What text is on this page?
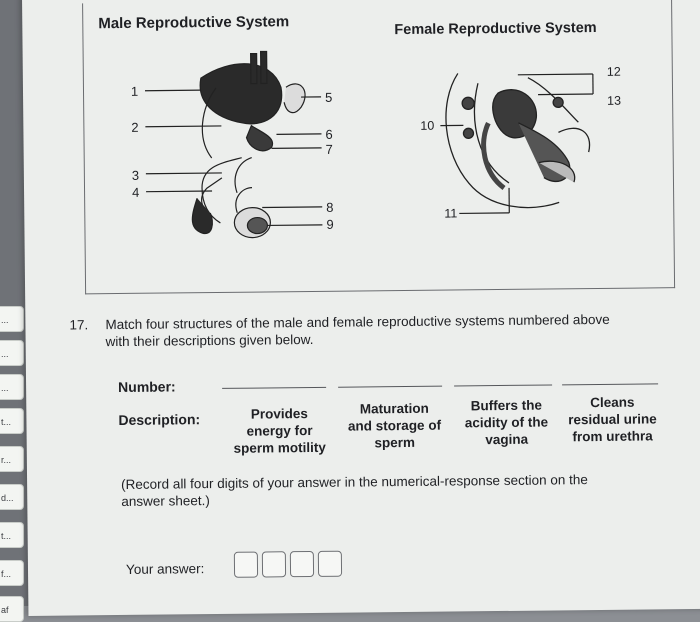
...
...
...
t...
r...
d...
t...
f...
af
Male Reproductive System	Female Reproductive System
1
2
3
4
5
6
7
8
9
12
13
10
11
17. Match four structures of the male and female reproductive systems numbered above
with their descriptions given below.
Number:
Description:	Provides
energy for
sperm motility
Maturation
and storage of
sperm
Buffers the
acidity of the
vagina
Cleans
residual urine
from urethra
(Record all four digits of your answer in the numerical-response section on the
answer sheet.)
Your answer:
